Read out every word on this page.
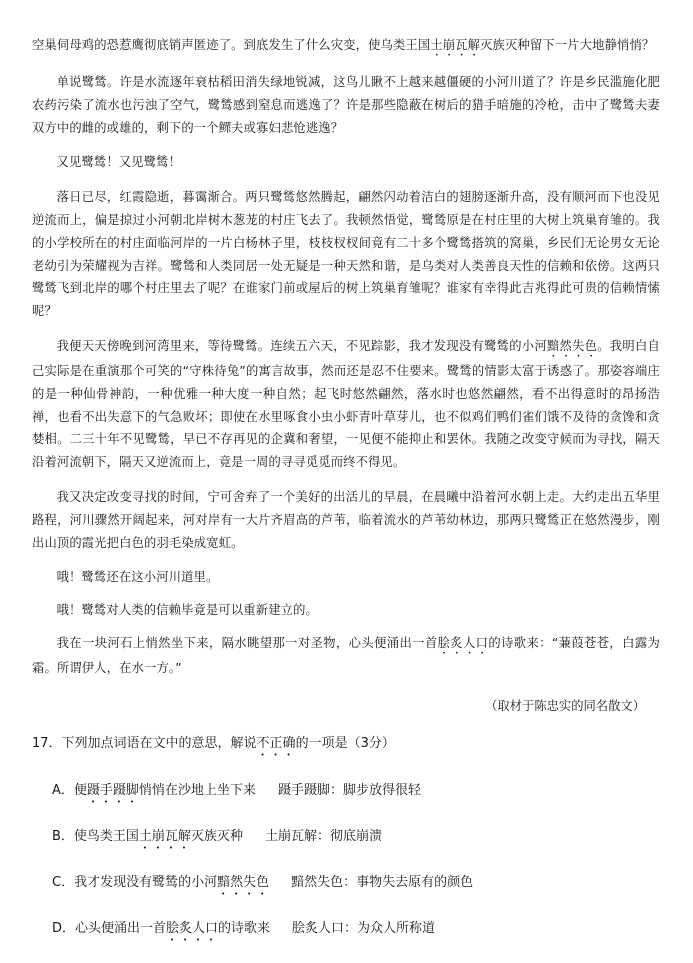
空巢伺母鸡的恐惹鹰彻底销声匿迹了。到底发生了什么灾变，使乌类王国土崩瓦解灭族灭种留下一片大地静悄悄？

单说鹭鸶。许是水流逐年衰枯稻田消失绿地锐减，这鸟儿瞅不上越来越僵硬的小河川道了？许是乡民滥施化肥农药污染了流水也污浊了空气，鹭鸶感到窒息而逃逸了？许是那些隐蔽在树后的猎手暗施的冷枪，击中了鹭鸶夫妻双方中的雌的或雄的，剩下的一个鳏夫或寡妇悲怆逃逸？

又见鹭鸶！又见鹭鸶！

落日已尽，红霞隐逝，暮霭渐合。两只鹭鸶悠然腾起，翩然闪动着洁白的翅膀逐渐升高，没有顺河而下也没见逆流而上，偏是掠过小河朝北岸树木葱茏的村庄飞去了。我顿然悟觉，鹭鸶原是在村庄里的大树上筑巢育雏的。我的小学校所在的村庄面临河岸的一片白杨林子里，枝枝杈杈间竟有二十多个鹭鸶搭筑的窝巢，乡民们无论男女无论老幼引为荣耀视为吉祥。鹭鸶和人类同居一处无疑是一种天然和谐，是乌类对人类善良天性的信赖和依傍。这两只鹭鸶飞到北岸的哪个村庄里去了呢？在谁家门前或屋后的树上筑巢育雏呢？谁家有幸得此吉兆得此可贵的信赖情愫呢？

我便天天傍晚到河湾里来，等待鹭鸶。连续五六天，不见踪影，我才发现没有鹭鸶的小河黯然失色。我明白自己实际是在重演那个可笑的“守株待兔”的寓言故事，然而还是忍不住要来。鹭鸶的情影太富于诱惑了。那姿容端庄的是一种仙骨神韵，一种优雅一种大度一种自然；起飞时悠然翩然，落水时也悠然翩然，看不出得意时的昂扬浩禅，也看不出失意下的气急败坏；即使在水里啄食小虫小虾青叶草芽儿，也不似鸡们鸭们雀们饿不及待的贪馋和贪婪相。二三十年不见鹭鸶，早已不存再见的企冀和奢望，一见便不能抑止和罢休。我随之改变守候而为寻找，隔天沿着河流朝下，隔天又逆流而上，竟是一周的寻寻觅觅而终不得见。

我又决定改变寻找的时间，宁可舍弃了一个美好的出活儿的早晨，在晨曦中沿着河水朝上走。大约走出五华里路程，河川骤然开阔起来，河对岸有一大片齐眉高的芦苇，临着流水的芦苇幼林边，那两只鹭鸶正在悠然漫步，刚出山顶的霞光把白色的羽毛染成宽虹。

哦！鹭鸶还在这小河川道里。

哦！鹭鸶对人类的信赖毕竟是可以重新建立的。

我在一块河石上悄然坐下来，隔水眺望那一对圣物，心头便涌出一首脍炙人口的诗歌来：“蒹葭苍苍，白露为霜。所谓伊人，在水一方。”

（取材于陈忠实的同名散文）

17．下列加点词语在文中的意思，解说不正确的一项是（3分）

A．便蹑手蹑脚悄悄在沙地上坐下来 蹑手蹑脚：脚步放得很轻

B．使鸟类王国土崩瓦解灭族灭种 土崩瓦解：彻底崩溃

C．我才发现没有鹭鸶的小河黯然失色 黯然失色：事物失去原有的颜色

D．心头便涌出一首脍炙人口的诗歌来 脍炙人口：为众人所称道
